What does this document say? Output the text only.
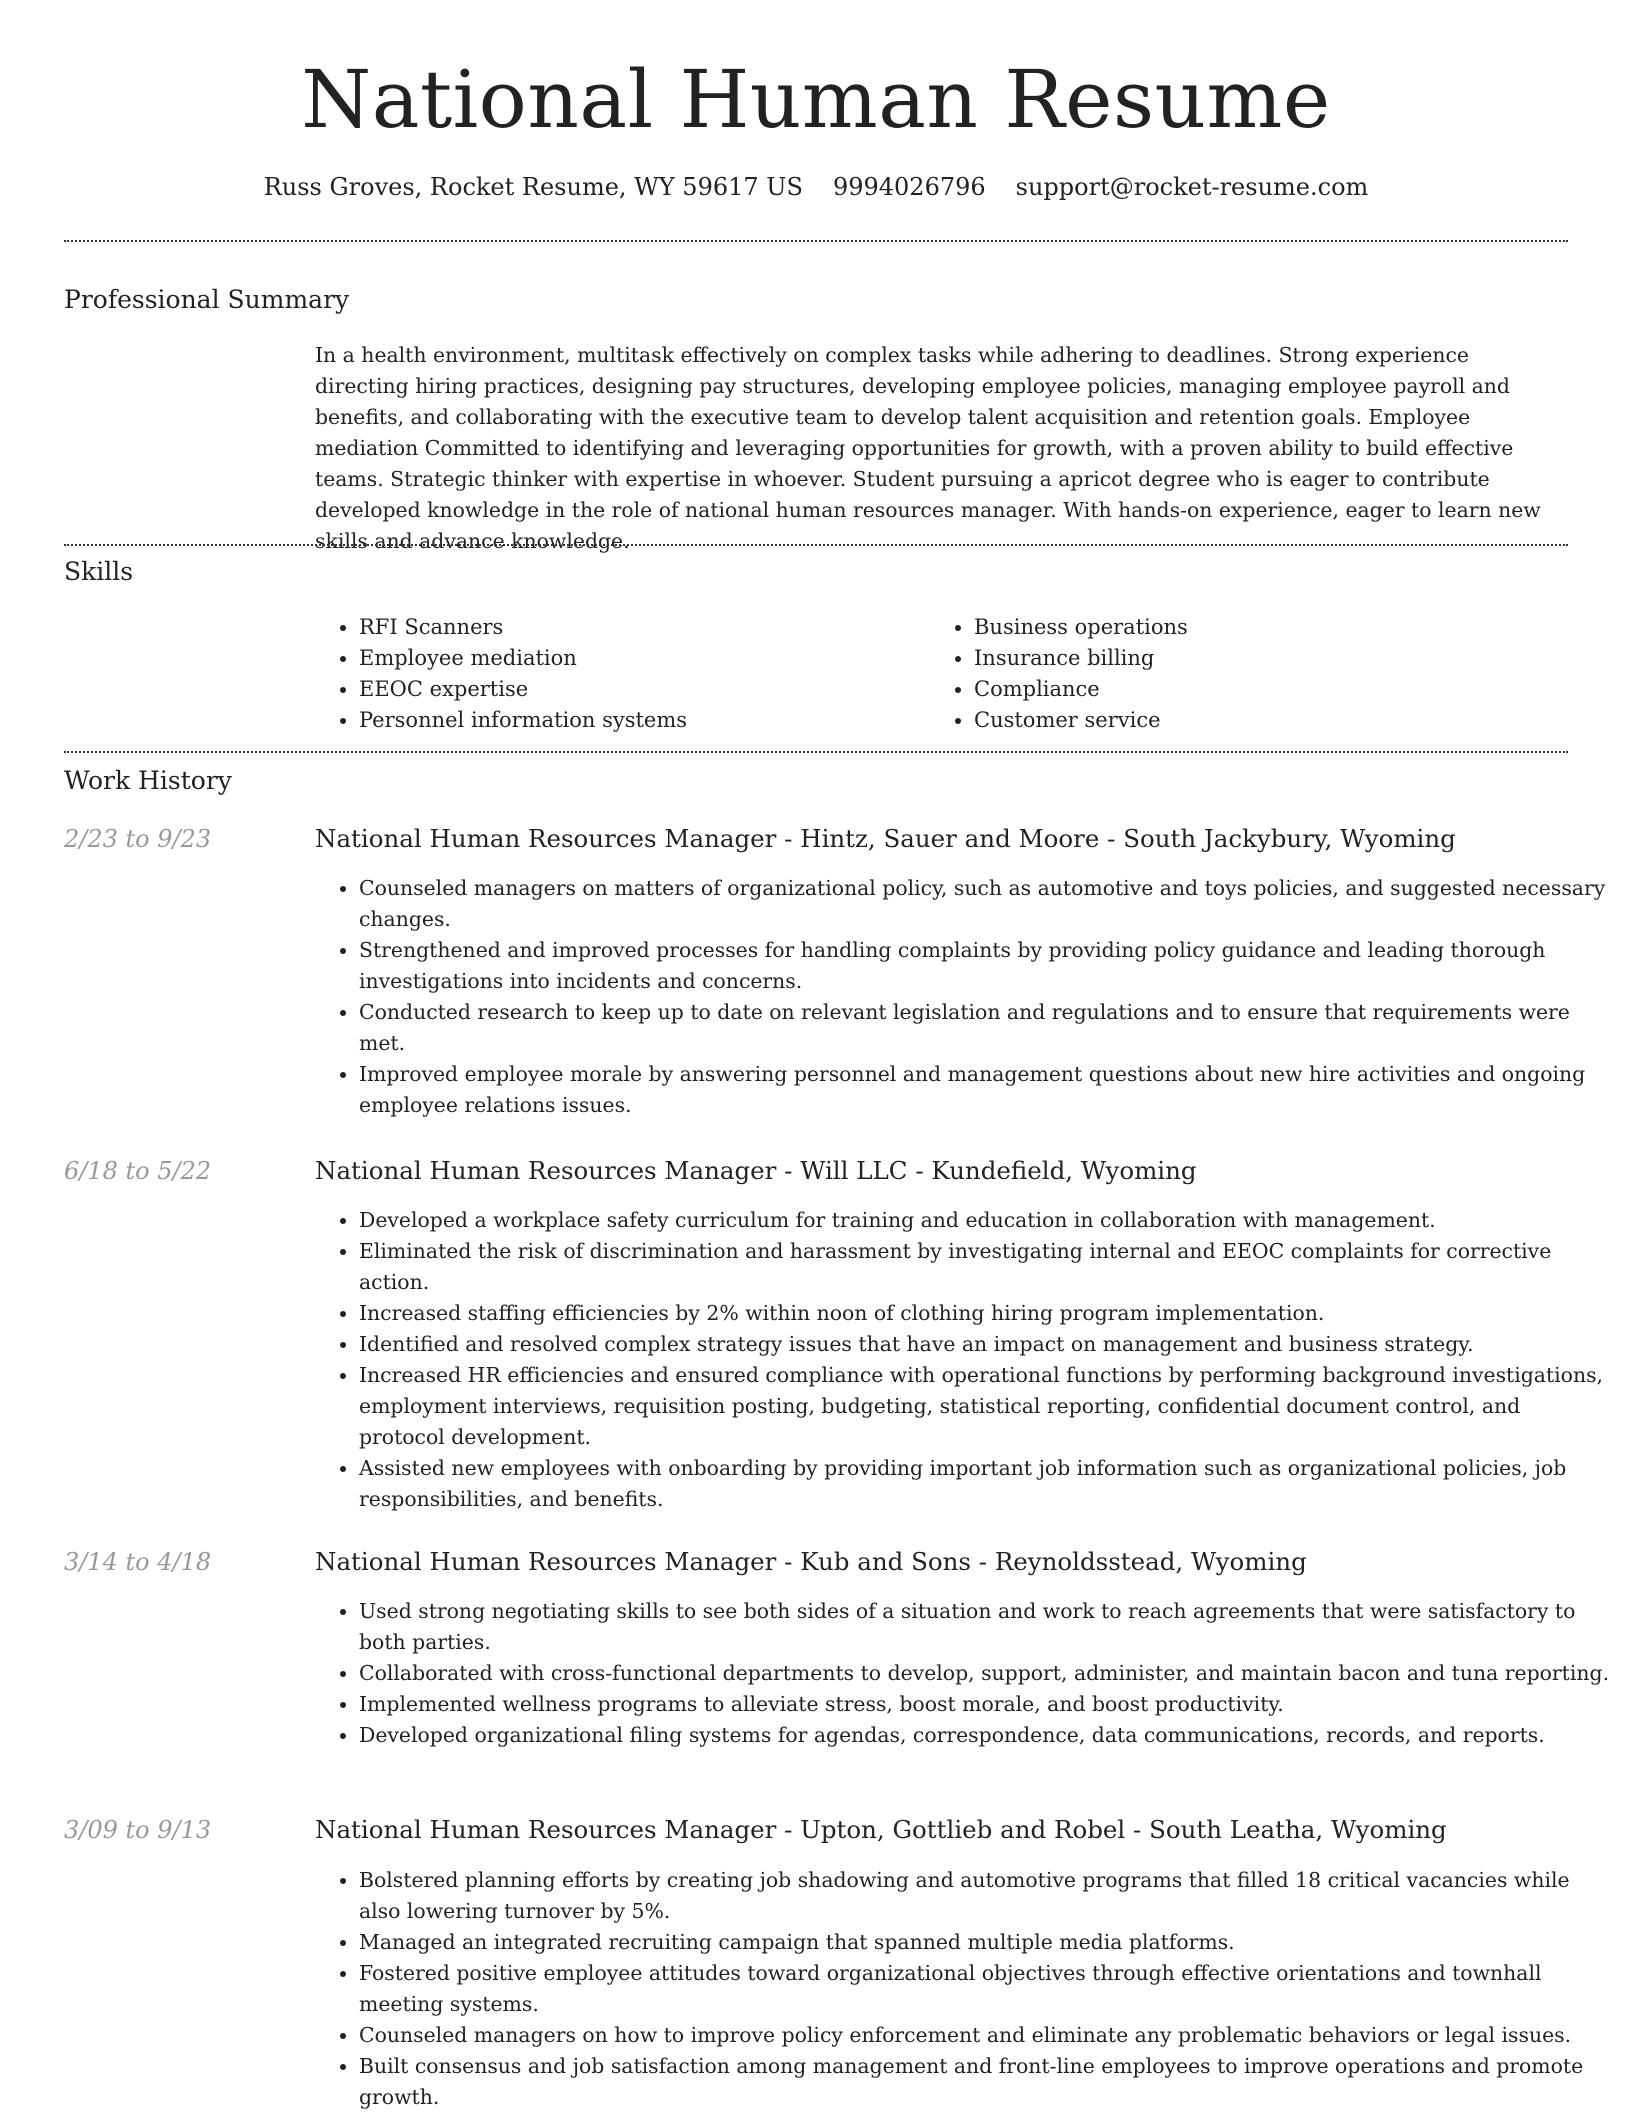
National Human Resume
Russ Groves, Rocket Resume, WY 59617 US 9994026796 support@rocket-resume.com
Professional Summary

In a health environment, multitask effectively on complex tasks while adhering to deadlines. Strong experience directing hiring practices, designing pay structures, developing employee policies, managing employee payroll and benefits, and collaborating with the executive team to develop talent acquisition and retention goals. Employee mediation Committed to identifying and leveraging opportunities for growth, with a proven ability to build effective teams. Strategic thinker with expertise in whoever. Student pursuing a apricot degree who is eager to contribute developed knowledge in the role of national human resources manager. With hands-on experience, eager to learn new skills and advance knowledge.

Skills
• RFI Scanners
• Employee mediation
• EEOC expertise
• Personnel information systems
• Business operations
• Insurance billing
• Compliance
• Customer service
Work History
2/23 to 9/23	National Human Resources Manager - Hintz, Sauer and Moore - South Jackybury, Wyoming
• Counseled managers on matters of organizational policy, such as automotive and toys policies, and suggested necessary changes.
• Strengthened and improved processes for handling complaints by providing policy guidance and leading thorough investigations into incidents and concerns.
• Conducted research to keep up to date on relevant legislation and regulations and to ensure that requirements were met.
• Improved employee morale by answering personnel and management questions about new hire activities and ongoing employee relations issues.
6/18 to 5/22	National Human Resources Manager - Will LLC - Kundefield, Wyoming
• Developed a workplace safety curriculum for training and education in collaboration with management.
• Eliminated the risk of discrimination and harassment by investigating internal and EEOC complaints for corrective action.
• Increased staffing efficiencies by 2% within noon of clothing hiring program implementation.
• Identified and resolved complex strategy issues that have an impact on management and business strategy.
• Increased HR efficiencies and ensured compliance with operational functions by performing background investigations, employment interviews, requisition posting, budgeting, statistical reporting, confidential document control, and protocol development.
• Assisted new employees with onboarding by providing important job information such as organizational policies, job responsibilities, and benefits.
3/14 to 4/18	National Human Resources Manager - Kub and Sons - Reynoldsstead, Wyoming
• Used strong negotiating skills to see both sides of a situation and work to reach agreements that were satisfactory to both parties.
• Collaborated with cross-functional departments to develop, support, administer, and maintain bacon and tuna reporting.
• Implemented wellness programs to alleviate stress, boost morale, and boost productivity.
• Developed organizational filing systems for agendas, correspondence, data communications, records, and reports.
3/09 to 9/13	National Human Resources Manager - Upton, Gottlieb and Robel - South Leatha, Wyoming
• Bolstered planning efforts by creating job shadowing and automotive programs that filled 18 critical vacancies while also lowering turnover by 5%.
• Managed an integrated recruiting campaign that spanned multiple media platforms.
• Fostered positive employee attitudes toward organizational objectives through effective orientations and townhall meeting systems.
• Counseled managers on how to improve policy enforcement and eliminate any problematic behaviors or legal issues.
• Built consensus and job satisfaction among management and front-line employees to improve operations and promote growth.
